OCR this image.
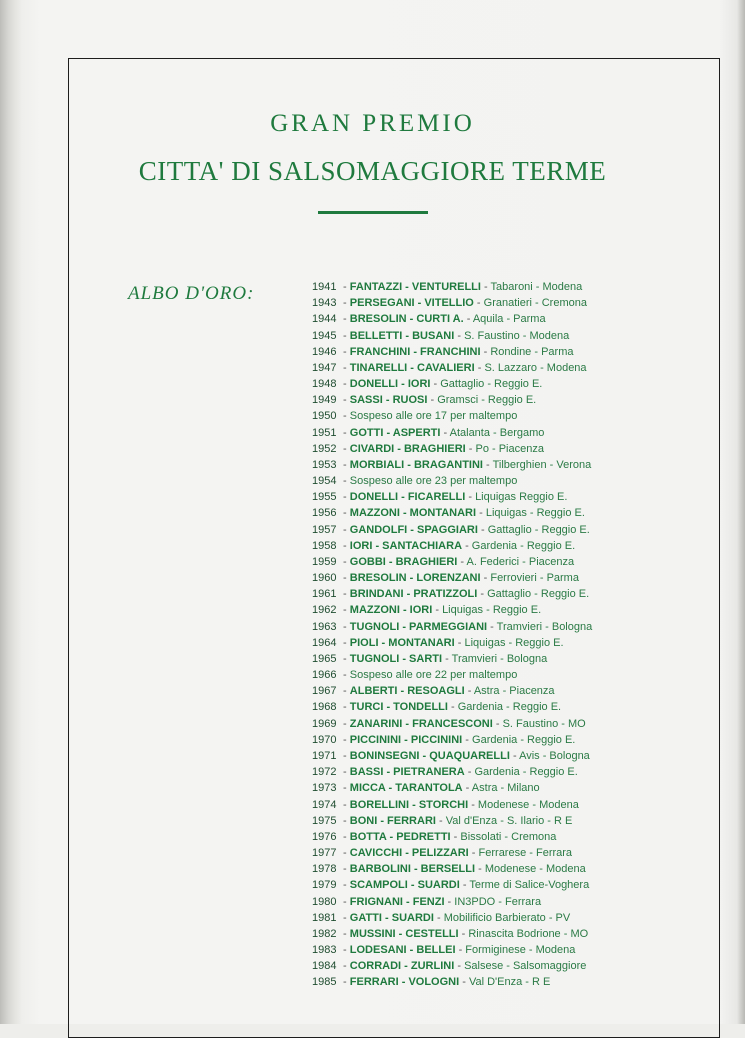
GRAN PREMIO
CITTA' DI SALSOMAGGIORE TERME
ALBO D'ORO:	1941 - FANTAZZI - VENTURELLI - Tabaroni - Modena
1943 - PERSEGANI - VITELLIO - Granatieri - Cremona
1944 - BRESOLIN - CURTI A. - Aquila - Parma
1945 - BELLETTI - BUSANI - S. Faustino - Modena
1946 - FRANCHINI - FRANCHINI - Rondine - Parma
1947 - TINARELLI - CAVALIERI - S. Lazzaro - Modena
1948 - DONELLI - IORI - Gattaglio - Reggio E.
1949 - SASSI - RUOSI - Gramsci - Reggio E.
1950 - Sospeso alle ore 17 per maltempo
1951 - GOTTI - ASPERTI - Atalanta - Bergamo
1952 - CIVARDI - BRAGHIERI - Po - Piacenza
1953 - MORBIALI - BRAGANTINI - Tilberghien - Verona
1954 - Sospeso alle ore 23 per maltempo
1955 - DONELLI - FICARELLI - Liquigas Reggio E.
1956 - MAZZONI - MONTANARI - Liquigas - Reggio E.
1957 - GANDOLFI - SPAGGIARI - Gattaglio - Reggio E.
1958 - IORI - SANTACHIARA - Gardenia - Reggio E.
1959 - GOBBI - BRAGHIERI - A. Federici - Piacenza
1960 - BRESOLIN - LORENZANI - Ferrovieri - Parma
1961 - BRINDANI - PRATIZZOLI - Gattaglio - Reggio E.
1962 - MAZZONI - IORI - Liquigas - Reggio E.
1963 - TUGNOLI - PARMEGGIANI - Tramvieri - Bologna
1964 - PIOLI - MONTANARI - Liquigas - Reggio E.
1965 - TUGNOLI - SARTI - Tramvieri - Bologna
1966 - Sospeso alle ore 22 per maltempo
1967 - ALBERTI - RESOAGLI - Astra - Piacenza
1968 - TURCI - TONDELLI - Gardenia - Reggio E.
1969 - ZANARINI - FRANCESCONI - S. Faustino - MO
1970 - PICCININI - PICCININI - Gardenia - Reggio E.
1971 - BONINSEGNI - QUAQUARELLI - Avis - Bologna
1972 - BASSI - PIETRANERA - Gardenia - Reggio E.
1973 - MICCA - TARANTOLA - Astra - Milano
1974 - BORELLINI - STORCHI - Modenese - Modena
1975 - BONI - FERRARI - Val d'Enza - S. Ilario - R E
1976 - BOTTA - PEDRETTI - Bissolati - Cremona
1977 - CAVICCHI - PELIZZARI - Ferrarese - Ferrara
1978 - BARBOLINI - BERSELLI - Modenese - Modena
1979 - SCAMPOLI - SUARDI - Terme di Salice-Voghera
1980 - FRIGNANI - FENZI - IN3PDO - Ferrara
1981 - GATTI - SUARDI - Mobilificio Barbierato - PV
1982 - MUSSINI - CESTELLI - Rinascita Bodrione - MO
1983 - LODESANI - BELLEI - Formiginese - Modena
1984 - CORRADI - ZURLINI - Salsese - Salsomaggiore
1985 - FERRARI - VOLOGNI - Val D'Enza - R E
